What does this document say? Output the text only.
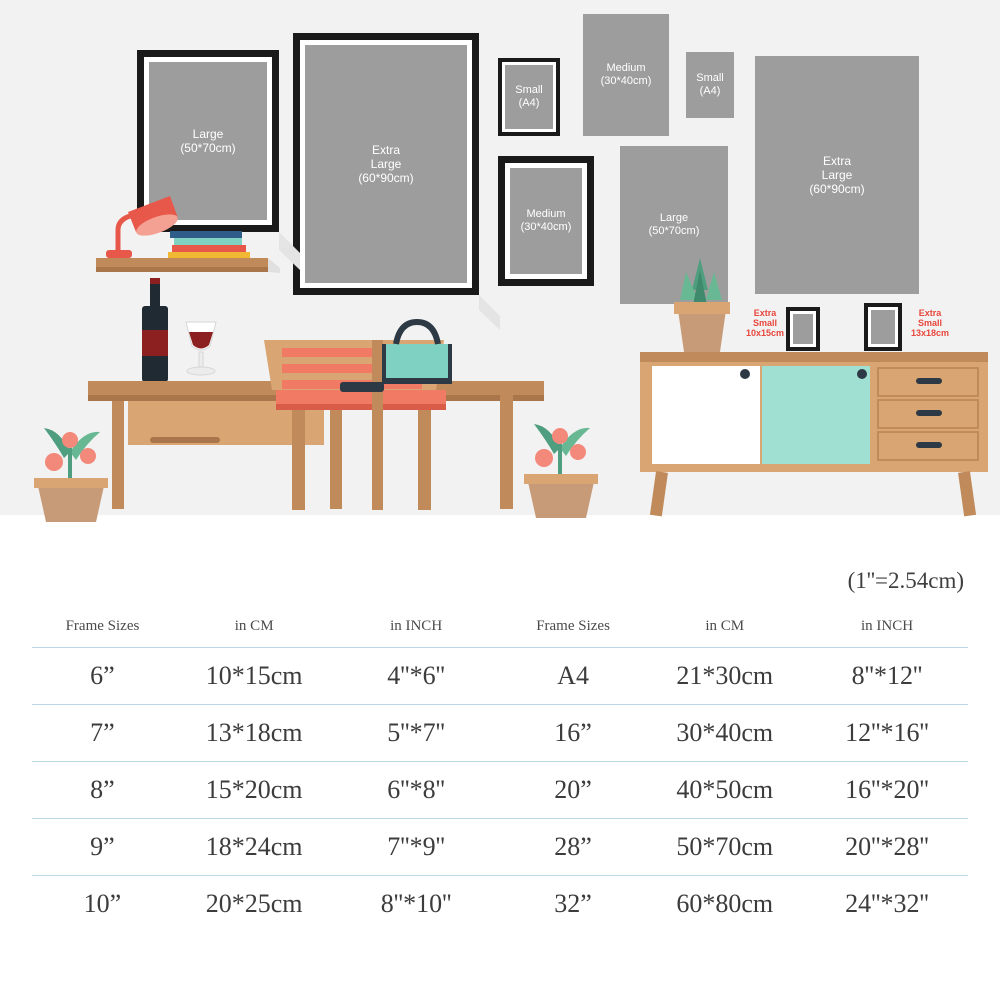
Large
(50*70cm)	Extra
Large
(60*90cm)
Small
(A4)
Medium
(30*40cm)	Small
(A4)
Extra
Large
(60*90cm)
Medium
(30*40cm)
Large
(50*70cm)
Extra
Small
10x15cm
Extra
Small
13x18cm
(1''=2.54cm)
Frame Sizes	in CM	in INCH		Frame Sizes	in CM	in INCH
6”	10*15cm	4''*6''		A4	21*30cm	8''*12''
7”	13*18cm	5''*7''		16”	30*40cm	12''*16''
8”	15*20cm	6''*8''		20”	40*50cm	16''*20''
9”	18*24cm	7''*9''		28”	50*70cm	20''*28''
10”	20*25cm	8''*10''		32”	60*80cm	24''*32''
